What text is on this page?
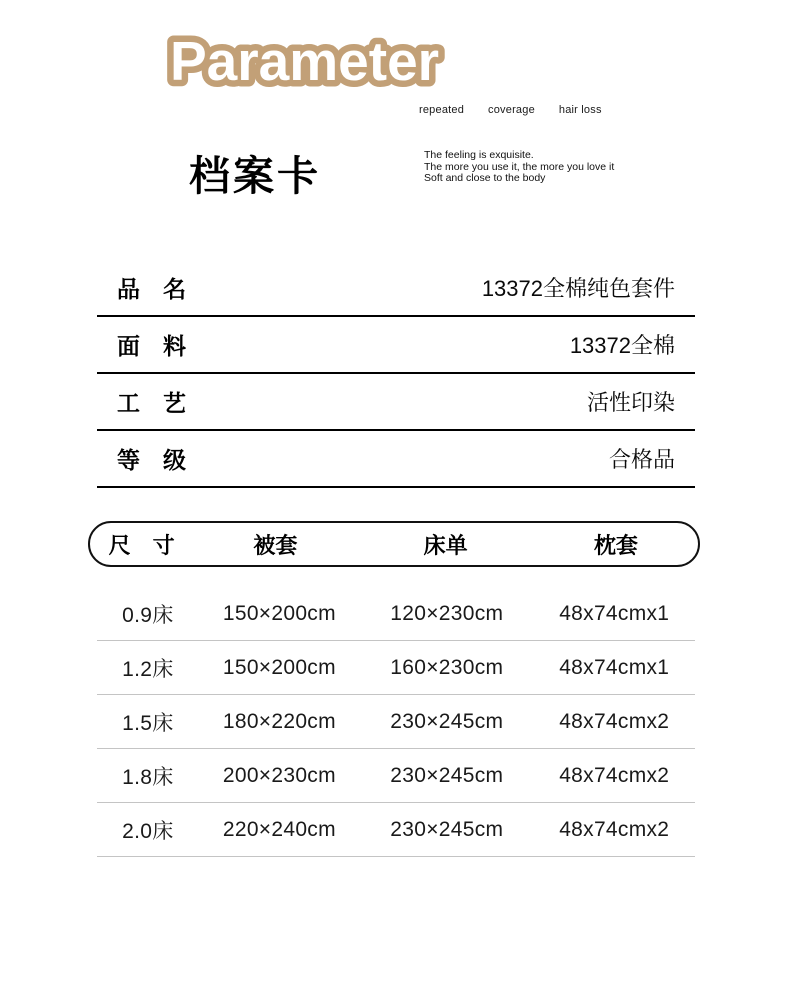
Parameter
repeated coverage hair loss
档案卡	The feeling is exquisite.
The more you use it, the more you love it
Soft and close to the body
品 名	13372全棉纯色套件
面 料	13372全棉
工 艺	活性印染
等 级	合格品
尺 寸	被套	床单	枕套
0.9床	150×200cm	120×230cm	48x74cmx1
1.2床	150×200cm	160×230cm	48x74cmx1
1.5床	180×220cm	230×245cm	48x74cmx2
1.8床	200×230cm	230×245cm	48x74cmx2
2.0床	220×240cm	230×245cm	48x74cmx2
